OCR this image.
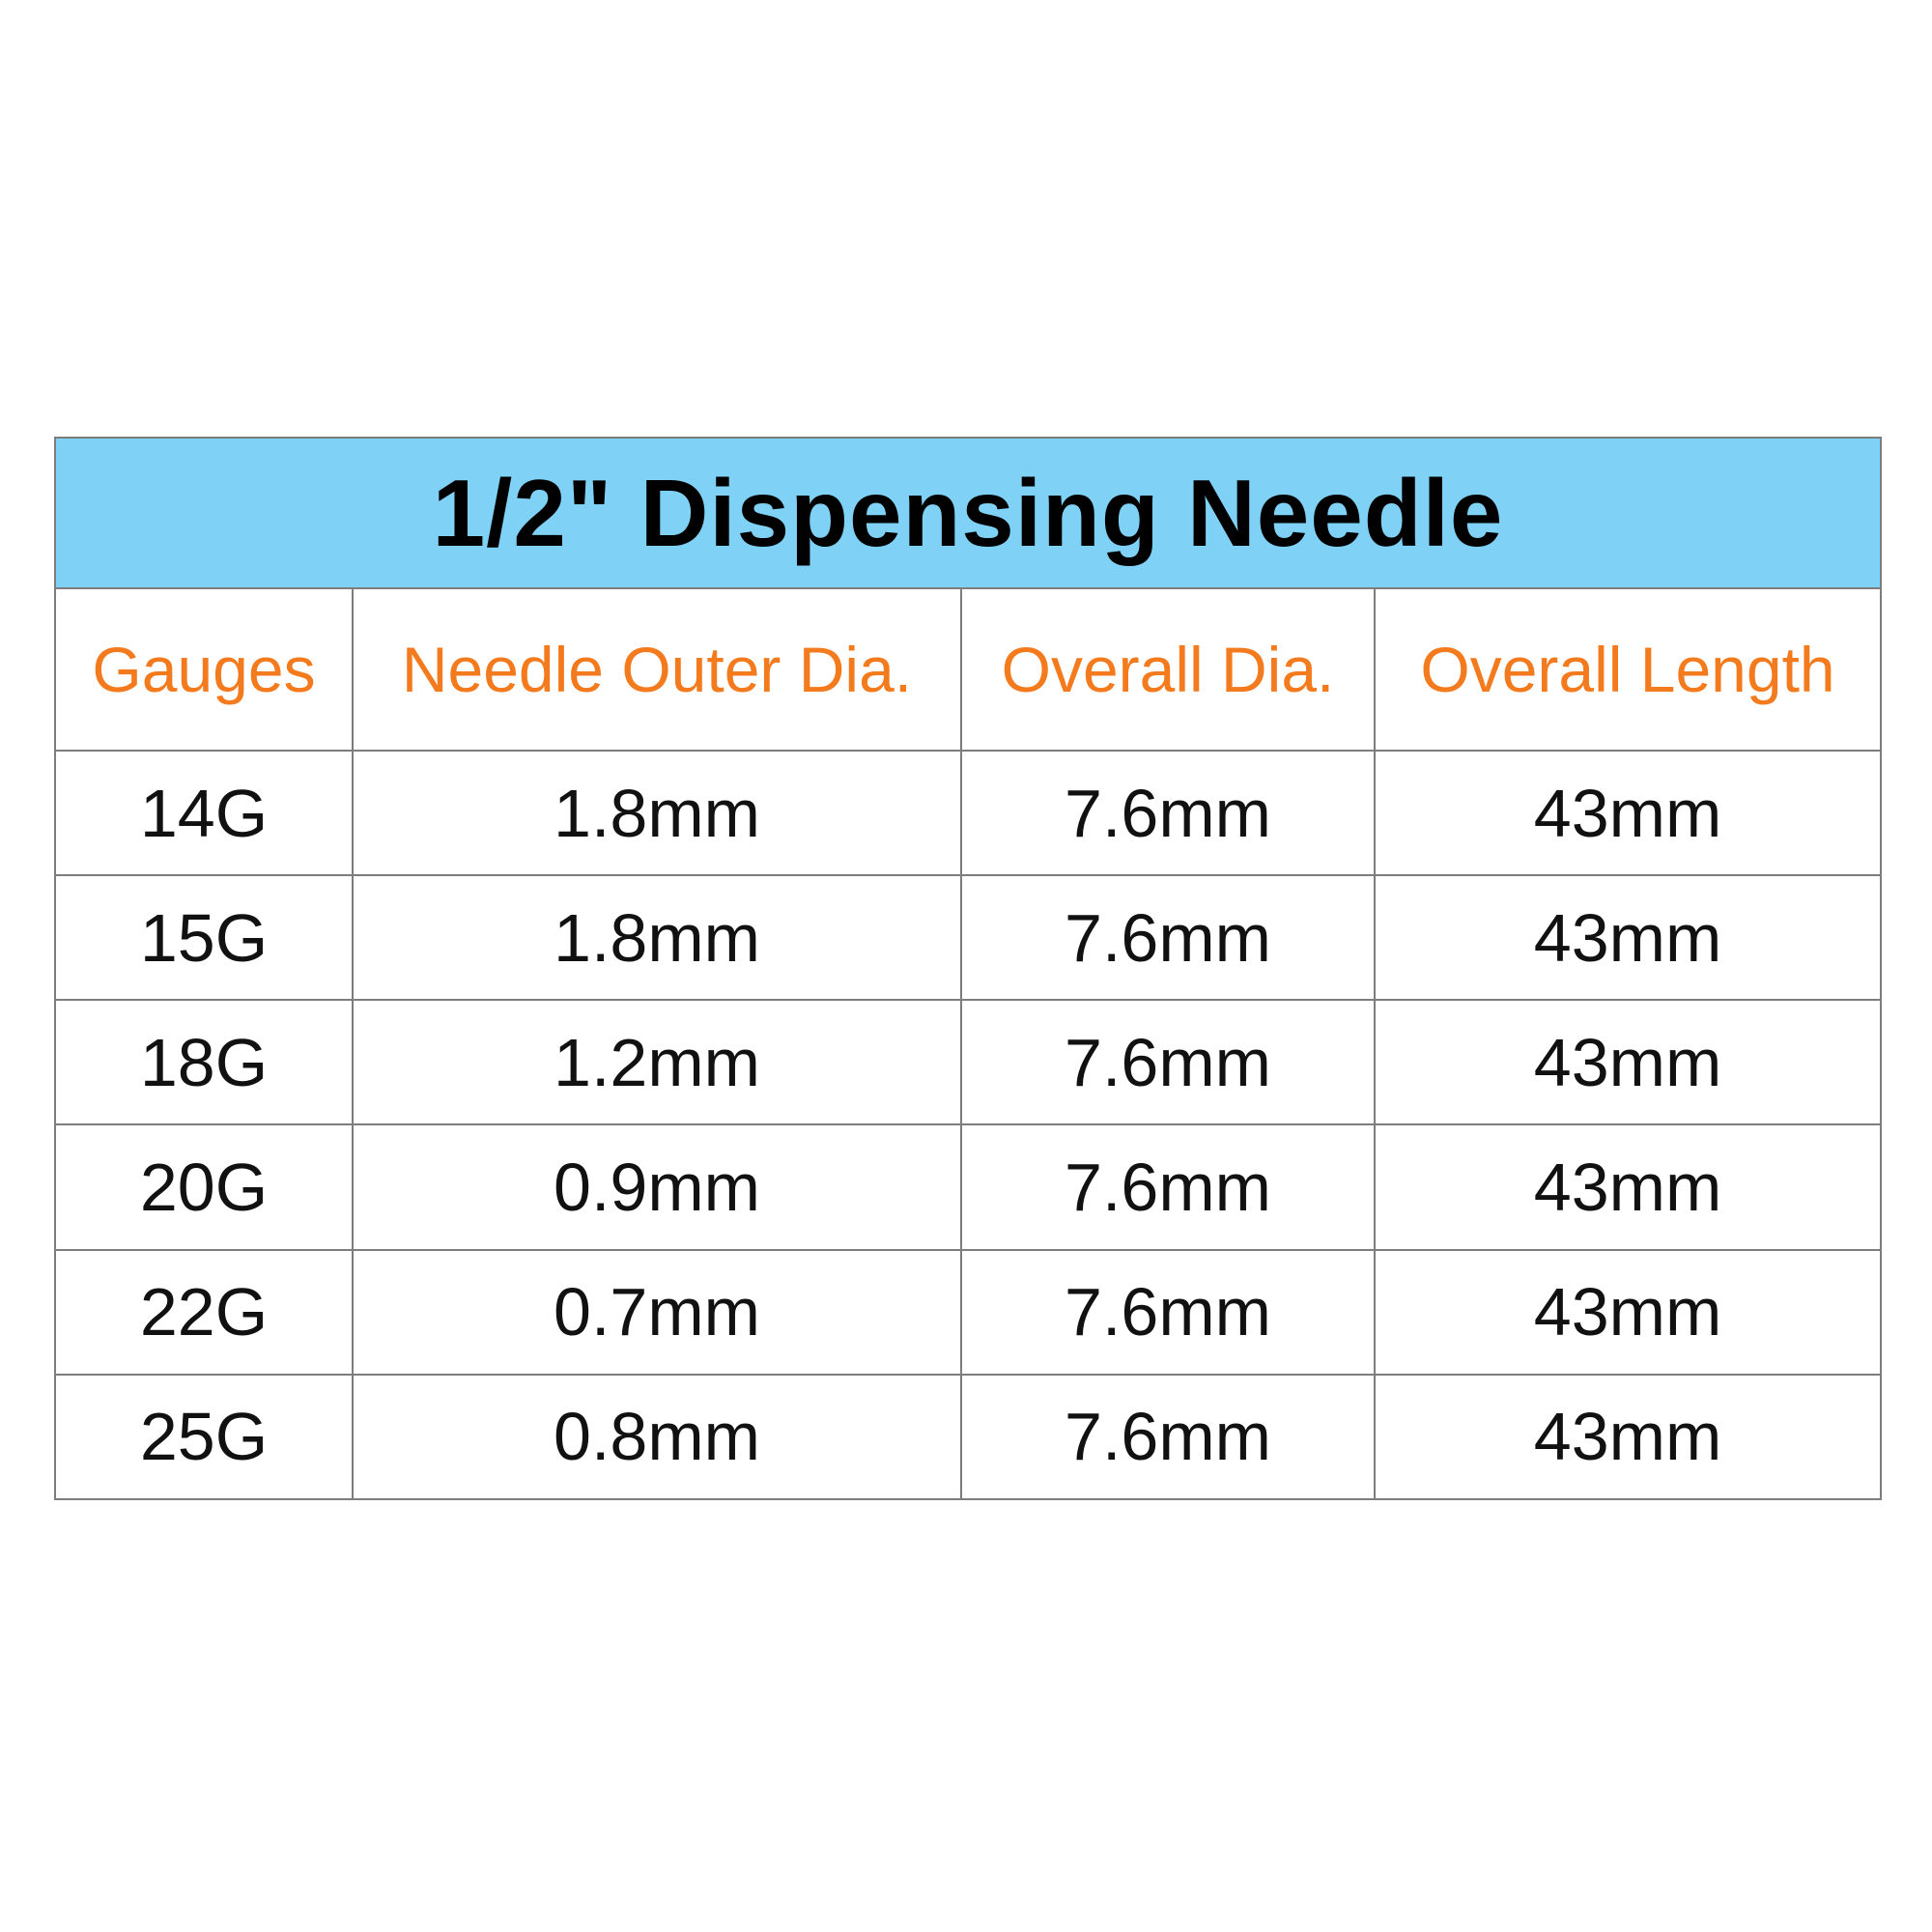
1/2" Dispensing Needle			
Gauges	Needle Outer Dia.	Overall Dia.	Overall Length
14G	1.8mm	7.6mm	43mm
15G	1.8mm	7.6mm	43mm
18G	1.2mm	7.6mm	43mm
20G	0.9mm	7.6mm	43mm
22G	0.7mm	7.6mm	43mm
25G	0.8mm	7.6mm	43mm
